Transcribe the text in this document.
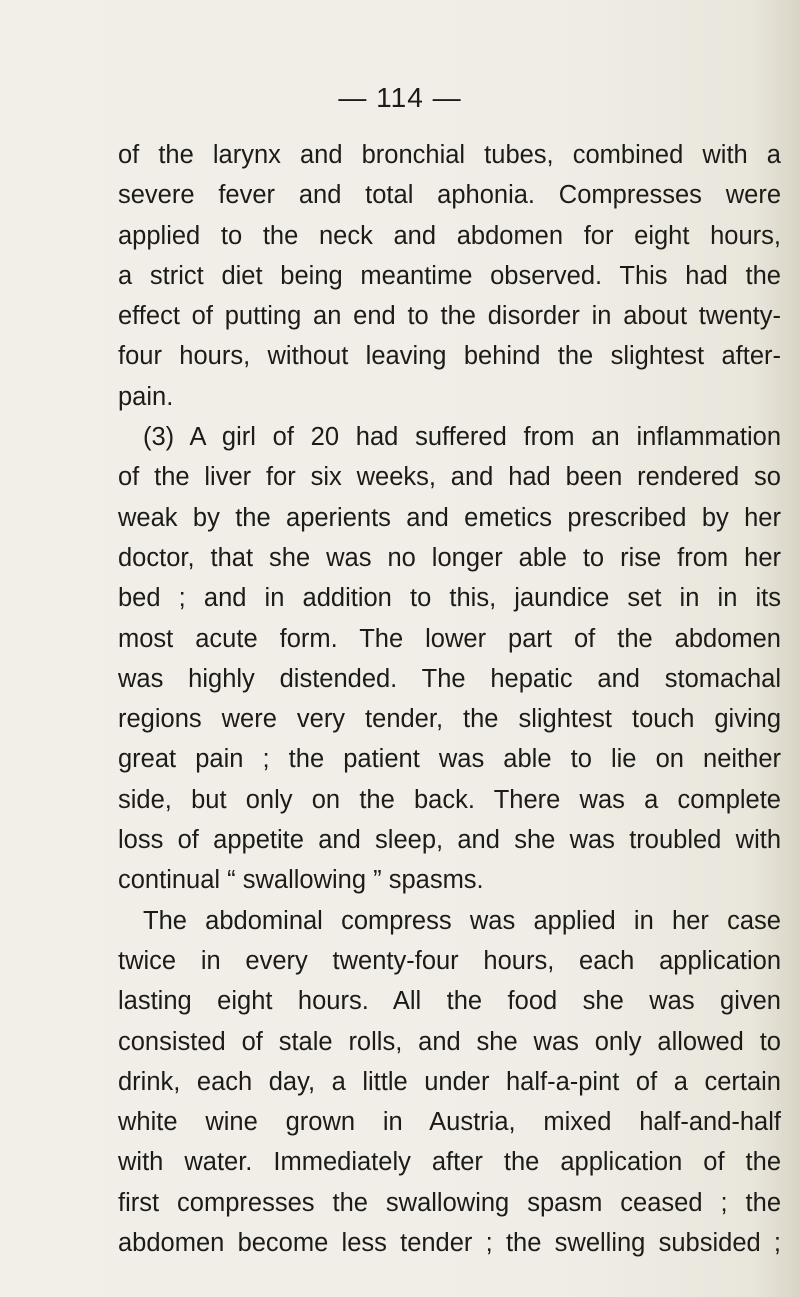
— 114 —
of the larynx and bronchial tubes, combined with a
severe fever and total aphonia. Compresses were
applied to the neck and abdomen for eight hours,
a strict diet being meantime observed. This had the
effect of putting an end to the disorder in about twenty-
four hours, without leaving behind the slightest after-
pain.
(3) A girl of 20 had suffered from an inflammation
of the liver for six weeks, and had been rendered so
weak by the aperients and emetics prescribed by her
doctor, that she was no longer able to rise from her
bed ; and in addition to this, jaundice set in in its
most acute form. The lower part of the abdomen
was highly distended. The hepatic and stomachal
regions were very tender, the slightest touch giving
great pain ; the patient was able to lie on neither
side, but only on the back. There was a complete
loss of appetite and sleep, and she was troubled with
continual “ swallowing ” spasms.
The abdominal compress was applied in her case
twice in every twenty-four hours, each application
lasting eight hours. All the food she was given
consisted of stale rolls, and she was only allowed to
drink, each day, a little under half-a-pint of a certain
white wine grown in Austria, mixed half-and-half
with water. Immediately after the application of the
first compresses the swallowing spasm ceased ; the
abdomen become less tender ; the swelling subsided ;
